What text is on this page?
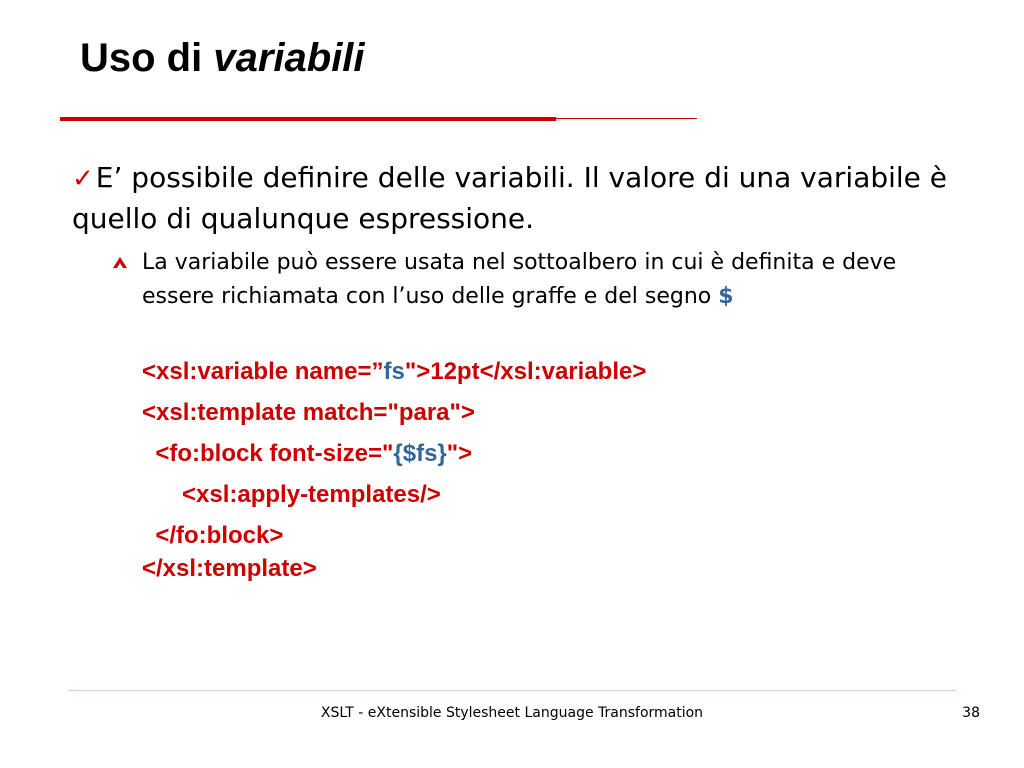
Uso di variabili
✓E’ possibile definire delle variabili. Il valore di una variabile è quello di qualunque espressione.
La variabile può essere usata nel sottoalbero in cui è definita e deve essere richiamata con l’uso delle graffe e del segno $
<xsl:variable name=”fs">12pt</xsl:variable>
<xsl:template match="para">
<fo:block font-size="{$fs}">
<xsl:apply-templates/>
</fo:block>
</xsl:template>
XSLT - eXtensible Stylesheet Language Transformation	38
